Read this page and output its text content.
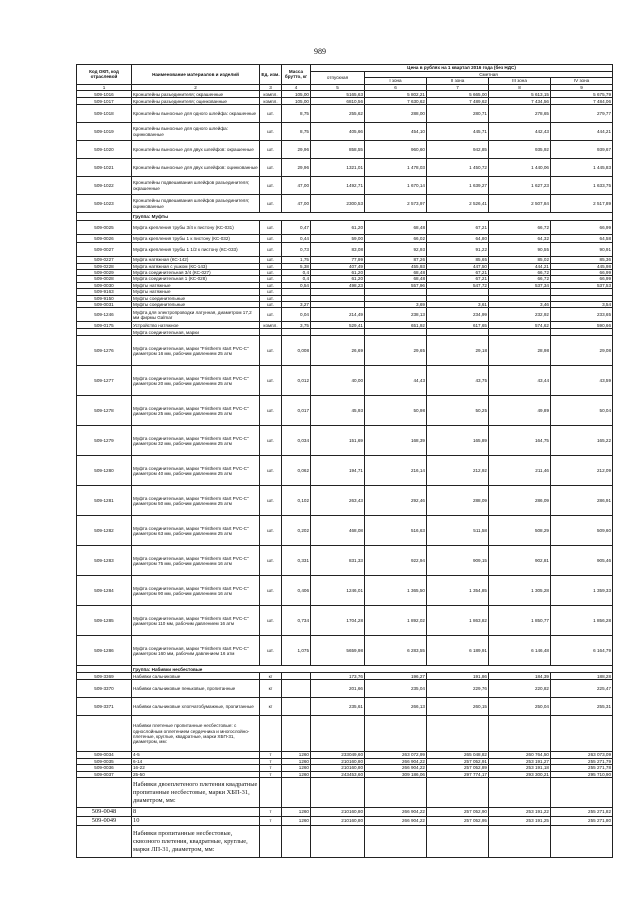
989
Код ОКП, код отраслевой	Наименование материалов и изделий	Ед. изм.	Масса брутто, кг	Цена в рублях на 1 квартал 2016 года (без НДС)				
				отпускная	Сметная			
					I зона	II зона	III зона	IV зона
1	2	3	4	5	6	7	8	9
509-1016	Кронштейны разъединителя; окрашенные	компл.	105,00	5165,63	5 802,21	5 665,00	5 613,15	5 675,79
509-1017	Кронштейны разъединителя; оцинкованные	компл.	105,00	6810,56	7 630,62	7 489,62	7 434,56	7 484,06
509-1018	Кронштейны выносные для одного шлейфа: окрашенные	шт.	8,75	255,62	288,00	280,71	278,65	279,77
509-1019	Кронштейны выносные для одного шлейфа: оцинкованные	шт.	8,75	405,66	454,10	445,71	442,43	444,21
509-1020	Кронштейны выносные для двух шлейфов: окрашенные	шт.	29,96	858,55	960,60	942,85	935,92	939,67
509-1021	Кронштейны выносные для двух шлейфов: оцинкованные	шт.	29,96	1321,01	1 478,03	1 450,72	1 440,06	1 445,83
509-1022	Кронштейны подвешивания шлейфов разъединителя; окрашенные	шт.	47,00	1492,71	1 670,14	1 639,27	1 627,23	1 633,75
509-1023	Кронштейны подвешивания шлейфов разъединителя; оцинкованные	шт.	47,00	2300,53	2 573,97	2 526,41	2 507,84	2 517,89
	Группа: Муфты							
509-0025	Муфта крепления трубы 3/4 к пистону (КС-031)	шт.	0,47	61,20	68,48	67,21	66,72	66,99
509-0026	Муфта крепления трубы 1 к пистону (КС-032)	шт.	0,44	59,00	66,02	64,80	64,32	64,58
509-0027	Муфта крепления трубы 1 1/2 к пистону (КС-033)	шт.	0,73	83,08	92,93	91,22	90,55	90,91
509-0227	Муфта натяжная (КС-142)	шт.	1,75	77,99	87,26	85,65	85,02	85,36
509-0228	Муфта натяжная с ушком (КС-143)	шт.	5,38	407,49	455,93	447,50	444,21	445,98
509-0029	Муфта соединительная 3/4 (КС-027)	шт.	0,4	61,20	68,48	67,21	66,72	66,99
509-0028	Муфта соединительная 1 (КС-028)	шт.	0,4	61,20	68,48	67,21	66,72	66,99
509-0030	Муфты натяжные	шт.	0,54	498,23	557,96	547,72	537,34	537,53
509-9163	Муфты натяжные	шт.						
509-9150	Муфты соединительные	шт.						
509-0031	Муфты соединительные	шт.	3,27		3,69	3,61	3,46	3,54
509-1246	Муфта для электропроводки латунная, диаметром 17,2 мм фирмы Galmar	шт.	0,04	214,49	238,13	234,99	232,92	233,65
509-0175	Устройство натяжное	компл.	3,75	529,41	651,92	617,65	574,62	590,66
	Муфта соединительная, марки							
509-1276	Муфта соединительная, марки "Fristherm start PVC-C" диаметром 16 мм, рабочим давлением 25 атм	шт.	0,008	26,69	29,65	29,18	28,98	29,08
509-1277	Муфта соединительная, марки "Fristherm start PVC-C" диаметром 20 мм, рабочим давлением 25 атм	шт.	0,012	40,00	44,43	43,75	43,44	43,59
509-1278	Муфта соединительная, марки "Fristherm start PVC-C" диаметром 25 мм, рабочим давлением 25 атм	шт.	0,017	45,93	50,98	50,25	49,89	50,04
509-1279	Муфта соединительная, марки "Fristherm start PVC-C" диаметром 32 мм, рабочим давлением 25 атм	шт.	0,034	151,69	168,39	165,89	164,75	165,22
509-1280	Муфта соединительная, марки "Fristherm start PVC-C" диаметром 40 мм, рабочим давлением 25 атм	шт.	0,062	194,71	216,14	212,92	211,46	212,09
509-1281	Муфта соединительная, марки "Fristherm start PVC-C" диаметром 50 мм, рабочим давлением 25 атм	шт.	0,102	263,43	292,46	288,09	286,09	286,91
509-1282	Муфта соединительная, марки "Fristherm start PVC-C" диаметром 63 мм, рабочим давлением 25 атм	шт.	0,202	468,08	516,63	511,58	508,29	509,60
509-1283	Муфта соединительная, марки "Fristherm start PVC-C" диаметром 75 мм, рабочим давлением 16 атм	шт.	0,331	831,33	922,94	909,15	902,81	905,46
509-1284	Муфта соединительная, марки "Fristherm start PVC-C" диаметром 90 мм, рабочим давлением 16 атм	шт.	0,406	1246,01	1 365,50	1 354,85	1 305,28	1 359,33
509-1285	Муфта соединительная, марки "Fristherm start PVC-C" диаметром 110 мм, рабочим давлением 16 атм	шт.	0,734	1704,28	1 892,02	1 863,82	1 850,77	1 856,28
509-1286	Муфта соединительная, марки "Fristherm start PVC-C" диаметром 160 мм, рабочим давлением 16 атм	шт.	1,075	5659,98	6 283,55	6 189,91	6 146,48	6 164,79
	Группа: Набивки несбестовые							
509-3369	Набивки сальниковые	кг		173,76	196,27	191,86	184,39	188,28
509-3370	Набивки сальниковые пеньковые, пропитанные	кг		201,66	235,04	229,76	220,82	225,47
509-3371	Набивки сальниковые хлопчатобумажные, пропитанные	кг		235,61	266,13	260,15	250,04	255,31
	Набивки плетеные пропитанные несбестовые: с однослойным оплетением сердечника и многослойно-плетеные, круглые, квадратные, марки ХБП-31, диаметром, мм:							
509-0034	4-5	т	1260	233049,60	263 072,99	265 048,82	260 764,50	263 073,09
509-0035	6-14	т	1260	210160,80	266 904,22	257 052,91	253 191,27	255 271,79
509-0036	16-22	т	1260	210160,80	266 904,22	257 052,89	253 191,18	255 271,78
509-0037	25-50	т	1260	243453,60	309 186,06	297 774,17	293 300,21	295 710,90
	Набивки двоеплетеного плетения квадратные пропитанные несбестовые, марки ХБП-31, диаметром, мм:							
509-0048	8	т	1260	210160,80	266 904,22	257 052,90	253 191,22	255 271,82
509-0049	10	т	1260	210160,80	266 904,22	257 052,95	253 191,25	255 271,80
	Набивки пропитанные несбестовые, сквозного плетения, квадратные, круглые, марки ЛП-31, диаметром, мм:							
